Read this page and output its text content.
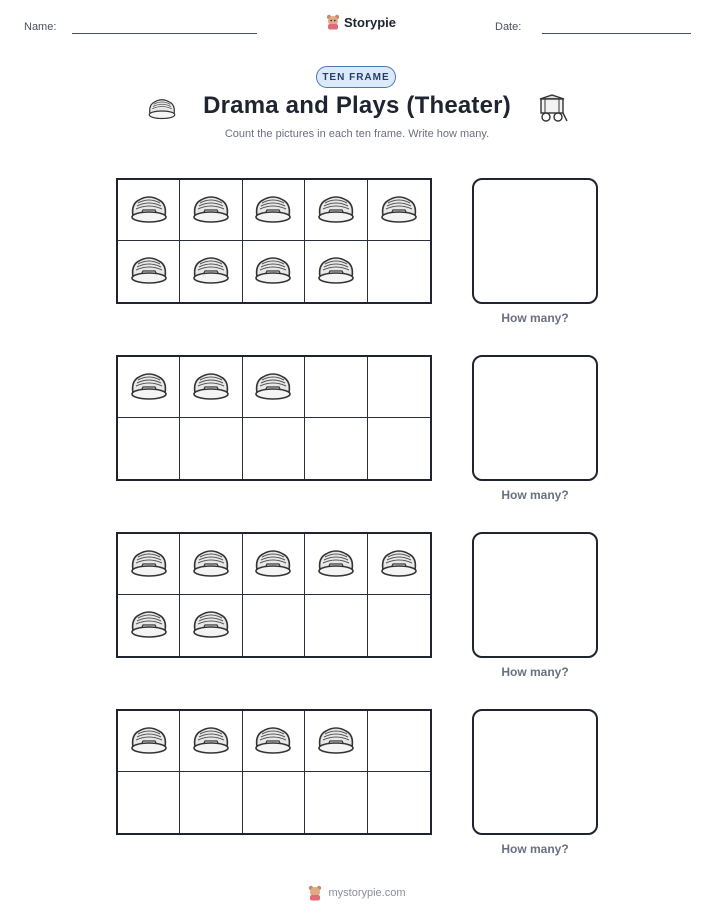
Name:	Storypie	Date:
TEN FRAME
Drama and Plays (Theater)
Count the pictures in each ten frame. Write how many.
How many?
How many?
How many?
How many?
mystorypie.com
